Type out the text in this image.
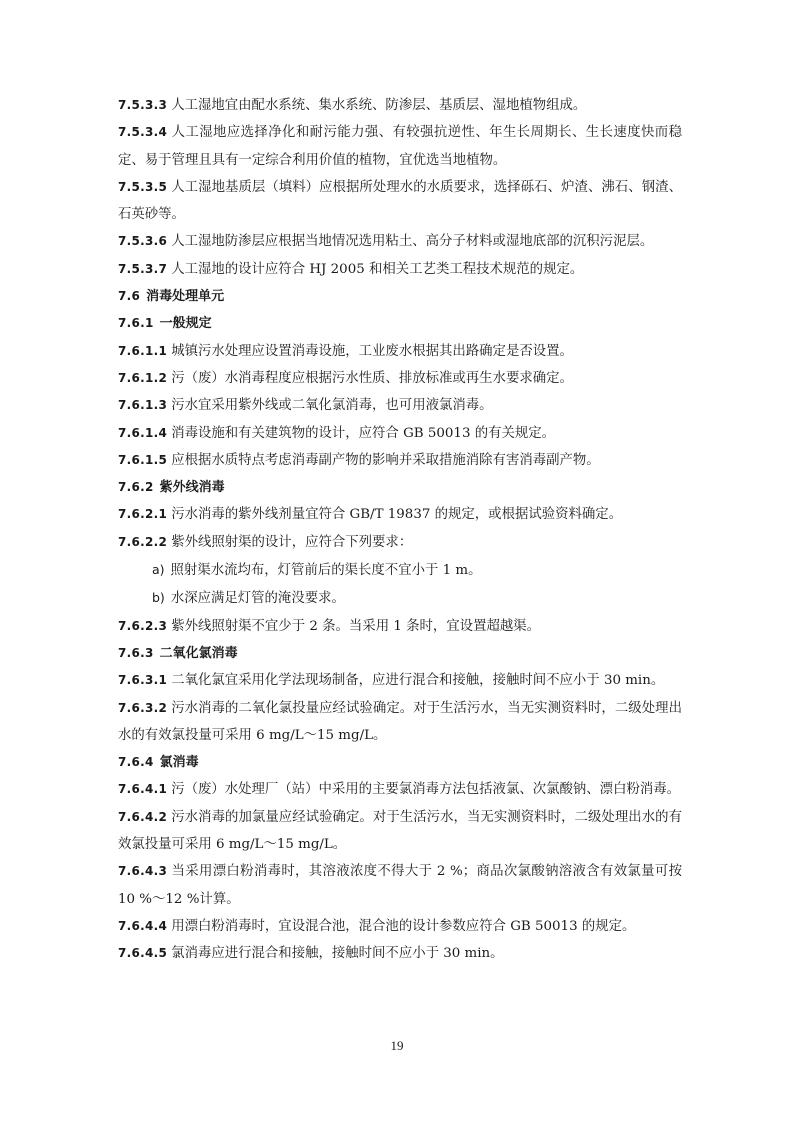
7.5.3.3 人工湿地宜由配水系统、集水系统、防渗层、基质层、湿地植物组成。
7.5.3.4 人工湿地应选择净化和耐污能力强、有较强抗逆性、年生长周期长、生长速度快而稳定、易于管理且具有一定综合利用价值的植物，宜优选当地植物。
7.5.3.5 人工湿地基质层（填料）应根据所处理水的水质要求，选择砾石、炉渣、沸石、钢渣、石英砂等。
7.5.3.6 人工湿地防渗层应根据当地情况选用粘土、高分子材料或湿地底部的沉积污泥层。
7.5.3.7 人工湿地的设计应符合 HJ 2005 和相关工艺类工程技术规范的规定。
7.6 消毒处理单元
7.6.1 一般规定
7.6.1.1 城镇污水处理应设置消毒设施，工业废水根据其出路确定是否设置。
7.6.1.2 污（废）水消毒程度应根据污水性质、排放标准或再生水要求确定。
7.6.1.3 污水宜采用紫外线或二氧化氯消毒，也可用液氯消毒。
7.6.1.4 消毒设施和有关建筑物的设计，应符合 GB 50013 的有关规定。
7.6.1.5 应根据水质特点考虑消毒副产物的影响并采取措施消除有害消毒副产物。
7.6.2 紫外线消毒
7.6.2.1 污水消毒的紫外线剂量宜符合 GB/T 19837 的规定，或根据试验资料确定。
7.6.2.2 紫外线照射渠的设计，应符合下列要求：
a) 照射渠水流均布，灯管前后的渠长度不宜小于 1 m。
b) 水深应满足灯管的淹没要求。
7.6.2.3 紫外线照射渠不宜少于 2 条。当采用 1 条时，宜设置超越渠。
7.6.3 二氧化氯消毒
7.6.3.1 二氧化氯宜采用化学法现场制备，应进行混合和接触，接触时间不应小于 30 min。
7.6.3.2 污水消毒的二氧化氯投量应经试验确定。对于生活污水，当无实测资料时，二级处理出水的有效氯投量可采用 6 mg/L～15 mg/L。
7.6.4 氯消毒
7.6.4.1 污（废）水处理厂（站）中采用的主要氯消毒方法包括液氯、次氯酸钠、漂白粉消毒。
7.6.4.2 污水消毒的加氯量应经试验确定。对于生活污水，当无实测资料时，二级处理出水的有效氯投量可采用 6 mg/L～15 mg/L。
7.6.4.3 当采用漂白粉消毒时，其溶液浓度不得大于 2 %；商品次氯酸钠溶液含有效氯量可按 10 %～12 %计算。
7.6.4.4 用漂白粉消毒时，宜设混合池，混合池的设计参数应符合 GB 50013 的规定。
7.6.4.5 氯消毒应进行混合和接触，接触时间不应小于 30 min。
19
